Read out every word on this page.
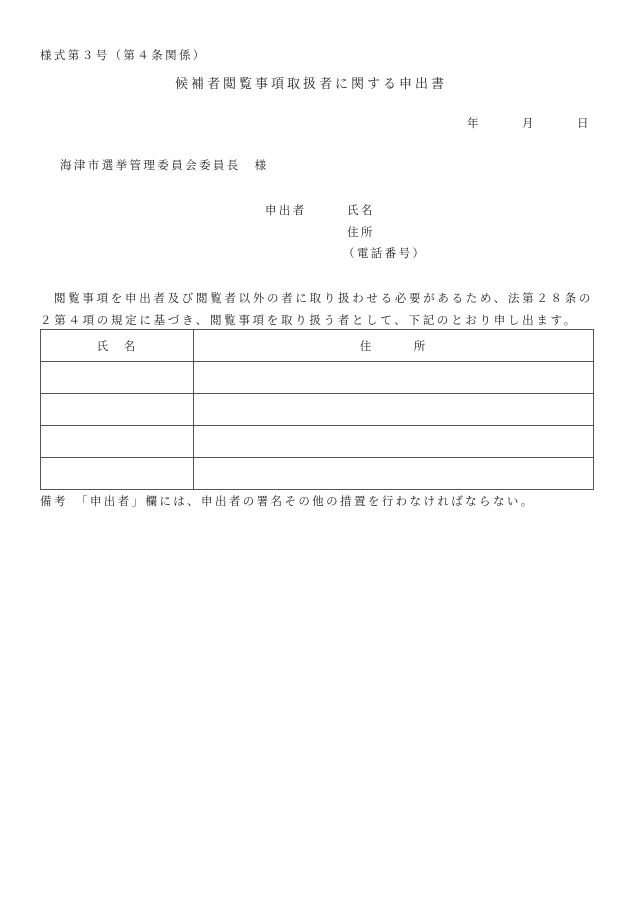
様式第３号（第４条関係）
候補者閲覧事項取扱者に関する申出書
年	月	日
海津市選挙管理委員会委員長　様
申出者	氏名
住所
（電話番号）
閲覧事項を申出者及び閲覧者以外の者に取り扱わせる必要があるため、法第２８条の
２第４項の規定に基づき、閲覧事項を取り扱う者として、下記のとおり申し出ます。
氏　名	住　　　所

備考　「申出者」欄には、申出者の署名その他の措置を行わなければならない。
